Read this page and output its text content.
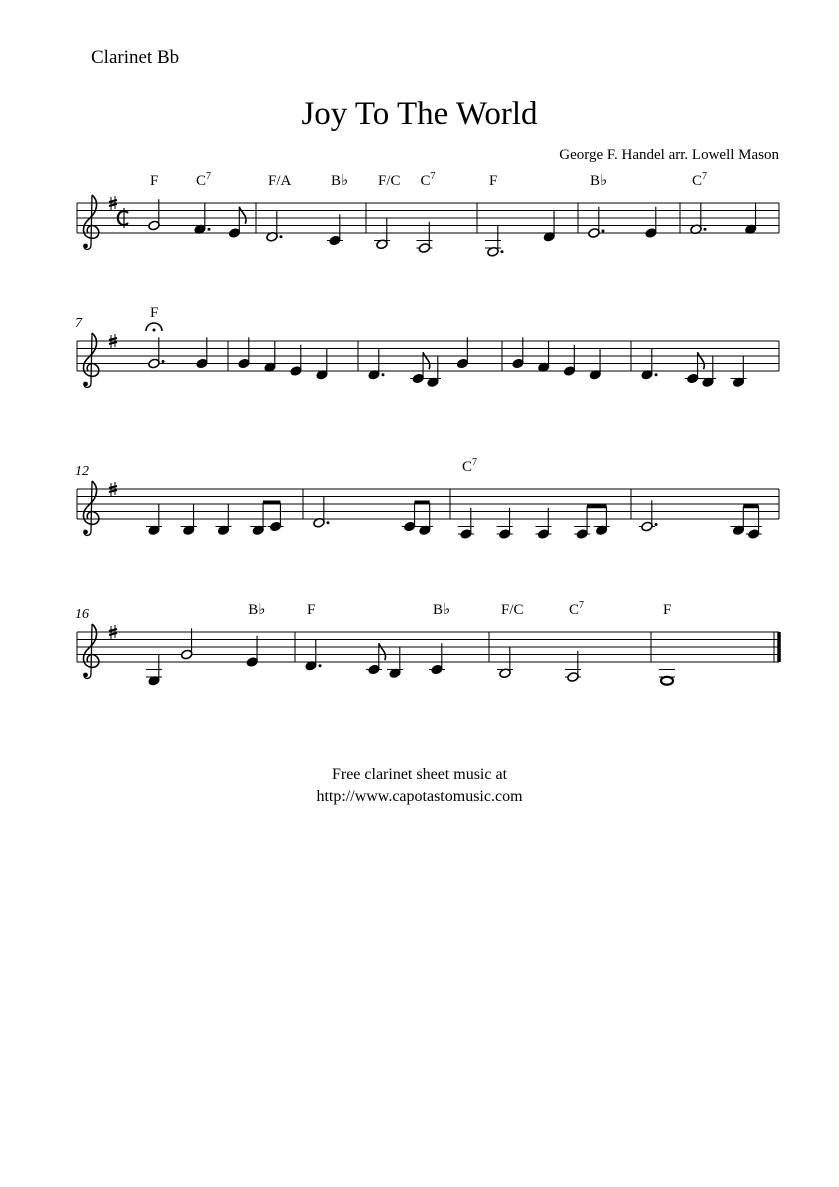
Clarinet Bb
Joy To The World
George F. Handel arr. Lowell Mason
F	$C^7$	F/A	B♭ F/C $C^7$	F	B♭	$C^7$
7
F
12	$C^7$
16	B♭	F	B♭	F/C	$C^7$	F
Free clarinet sheet music at
http://www.capotastomusic.com
